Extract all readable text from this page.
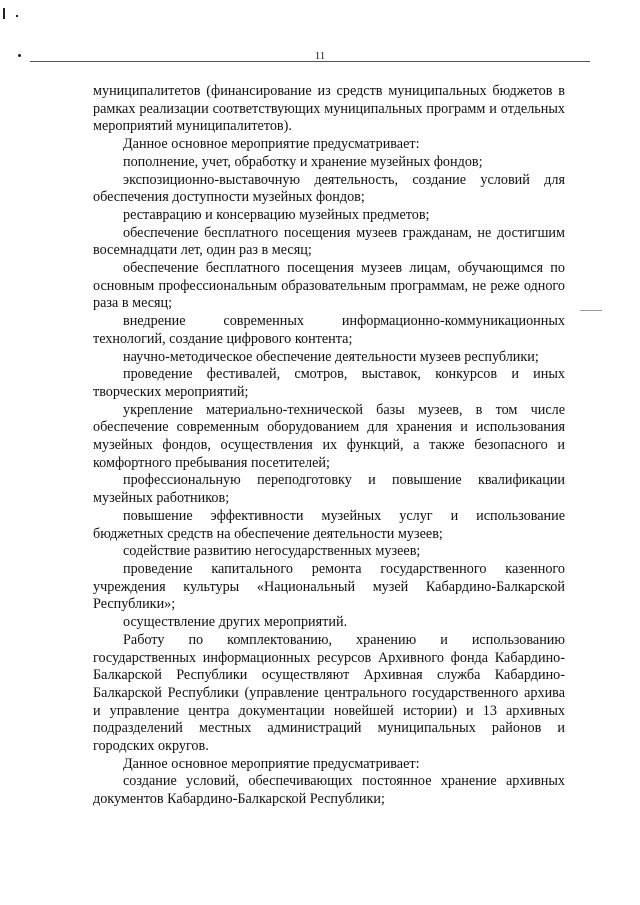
11

муниципалитетов (финансирование из средств муниципальных бюджетов в рамках реализации соответствующих муниципальных программ и отдельных мероприятий муниципалитетов).

Данное основное мероприятие предусматривает:

пополнение, учет, обработку и хранение музейных фондов;

экспозиционно-выставочную деятельность, создание условий для обеспечения доступности музейных фондов;

реставрацию и консервацию музейных предметов;

обеспечение бесплатного посещения музеев гражданам, не достигшим восемнадцати лет, один раз в месяц;

обеспечение бесплатного посещения музеев лицам, обучающимся по основным профессиональным образовательным программам, не реже одного раза в месяц;

внедрение современных информационно-коммуникационных технологий, создание цифрового контента;

научно-методическое обеспечение деятельности музеев республики;

проведение фестивалей, смотров, выставок, конкурсов и иных творческих мероприятий;

укрепление материально-технической базы музеев, в том числе обеспечение современным оборудованием для хранения и использования музейных фондов, осуществления их функций, а также безопасного и комфортного пребывания посетителей;

профессиональную переподготовку и повышение квалификации музейных работников;

повышение эффективности музейных услуг и использование бюджетных средств на обеспечение деятельности музеев;

содействие развитию негосударственных музеев;

проведение капитального ремонта государственного казенного учреждения культуры «Национальный музей Кабардино-Балкарской Республики»;

осуществление других мероприятий.

Работу по комплектованию, хранению и использованию государственных информационных ресурсов Архивного фонда Кабардино-Балкарской Республики осуществляют Архивная служба Кабардино-Балкарской Республики (управление центрального государственного архива и управление центра документации новейшей истории) и 13 архивных подразделений местных администраций муниципальных районов и городских округов.

Данное основное мероприятие предусматривает:

создание условий, обеспечивающих постоянное хранение архивных документов Кабардино-Балкарской Республики;
